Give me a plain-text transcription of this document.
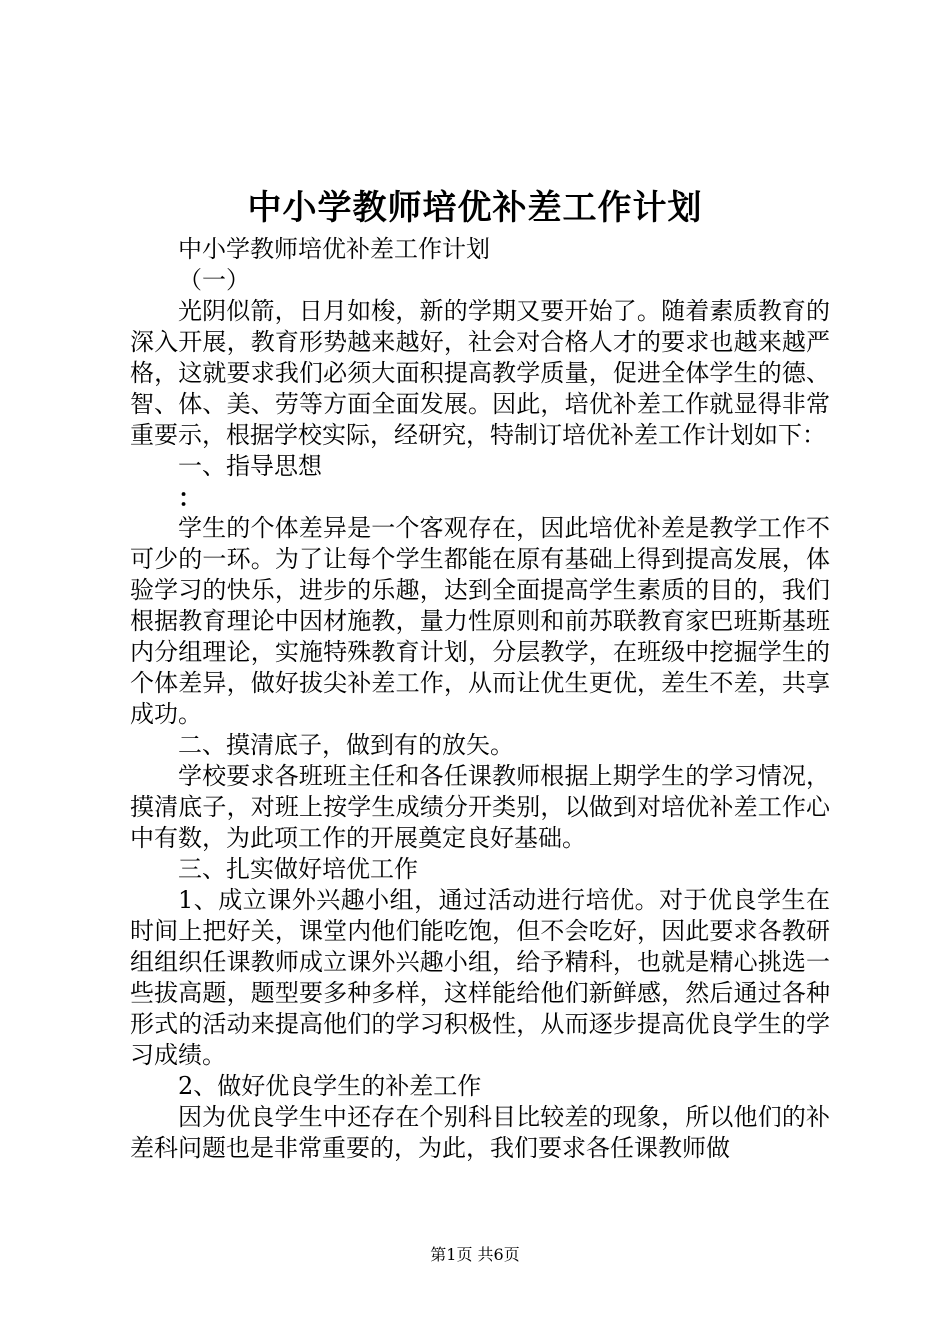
中小学教师培优补差工作计划

中小学教师培优补差工作计划

（一）

光阴似箭，日月如梭，新的学期又要开始了。随着素质教育的深入开展，教育形势越来越好，社会对合格人才的要求也越来越严格，这就要求我们必须大面积提高教学质量，促进全体学生的德、智、体、美、劳等方面全面发展。因此，培优补差工作就显得非常重要示，根据学校实际，经研究，特制订培优补差工作计划如下：

一、指导思想

：

学生的个体差异是一个客观存在，因此培优补差是教学工作不可少的一环。为了让每个学生都能在原有基础上得到提高发展，体验学习的快乐，进步的乐趣，达到全面提高学生素质的目的，我们根据教育理论中因材施教，量力性原则和前苏联教育家巴班斯基班内分组理论，实施特殊教育计划，分层教学，在班级中挖掘学生的个体差异，做好拔尖补差工作，从而让优生更优，差生不差，共享成功。

二、摸清底子，做到有的放矢。

学校要求各班班主任和各任课教师根据上期学生的学习情况，摸清底子，对班上按学生成绩分开类别，以做到对培优补差工作心中有数，为此项工作的开展奠定良好基础。

三、扎实做好培优工作

1、成立课外兴趣小组，通过活动进行培优。对于优良学生在时间上把好关，课堂内他们能吃饱，但不会吃好，因此要求各教研组组织任课教师成立课外兴趣小组，给予精科，也就是精心挑选一些拔高题，题型要多种多样，这样能给他们新鲜感，然后通过各种形式的活动来提高他们的学习积极性，从而逐步提高优良学生的学习成绩。

2、做好优良学生的补差工作

因为优良学生中还存在个别科目比较差的现象，所以他们的补差科问题也是非常重要的，为此，我们要求各任课教师做

第1页 共6页
